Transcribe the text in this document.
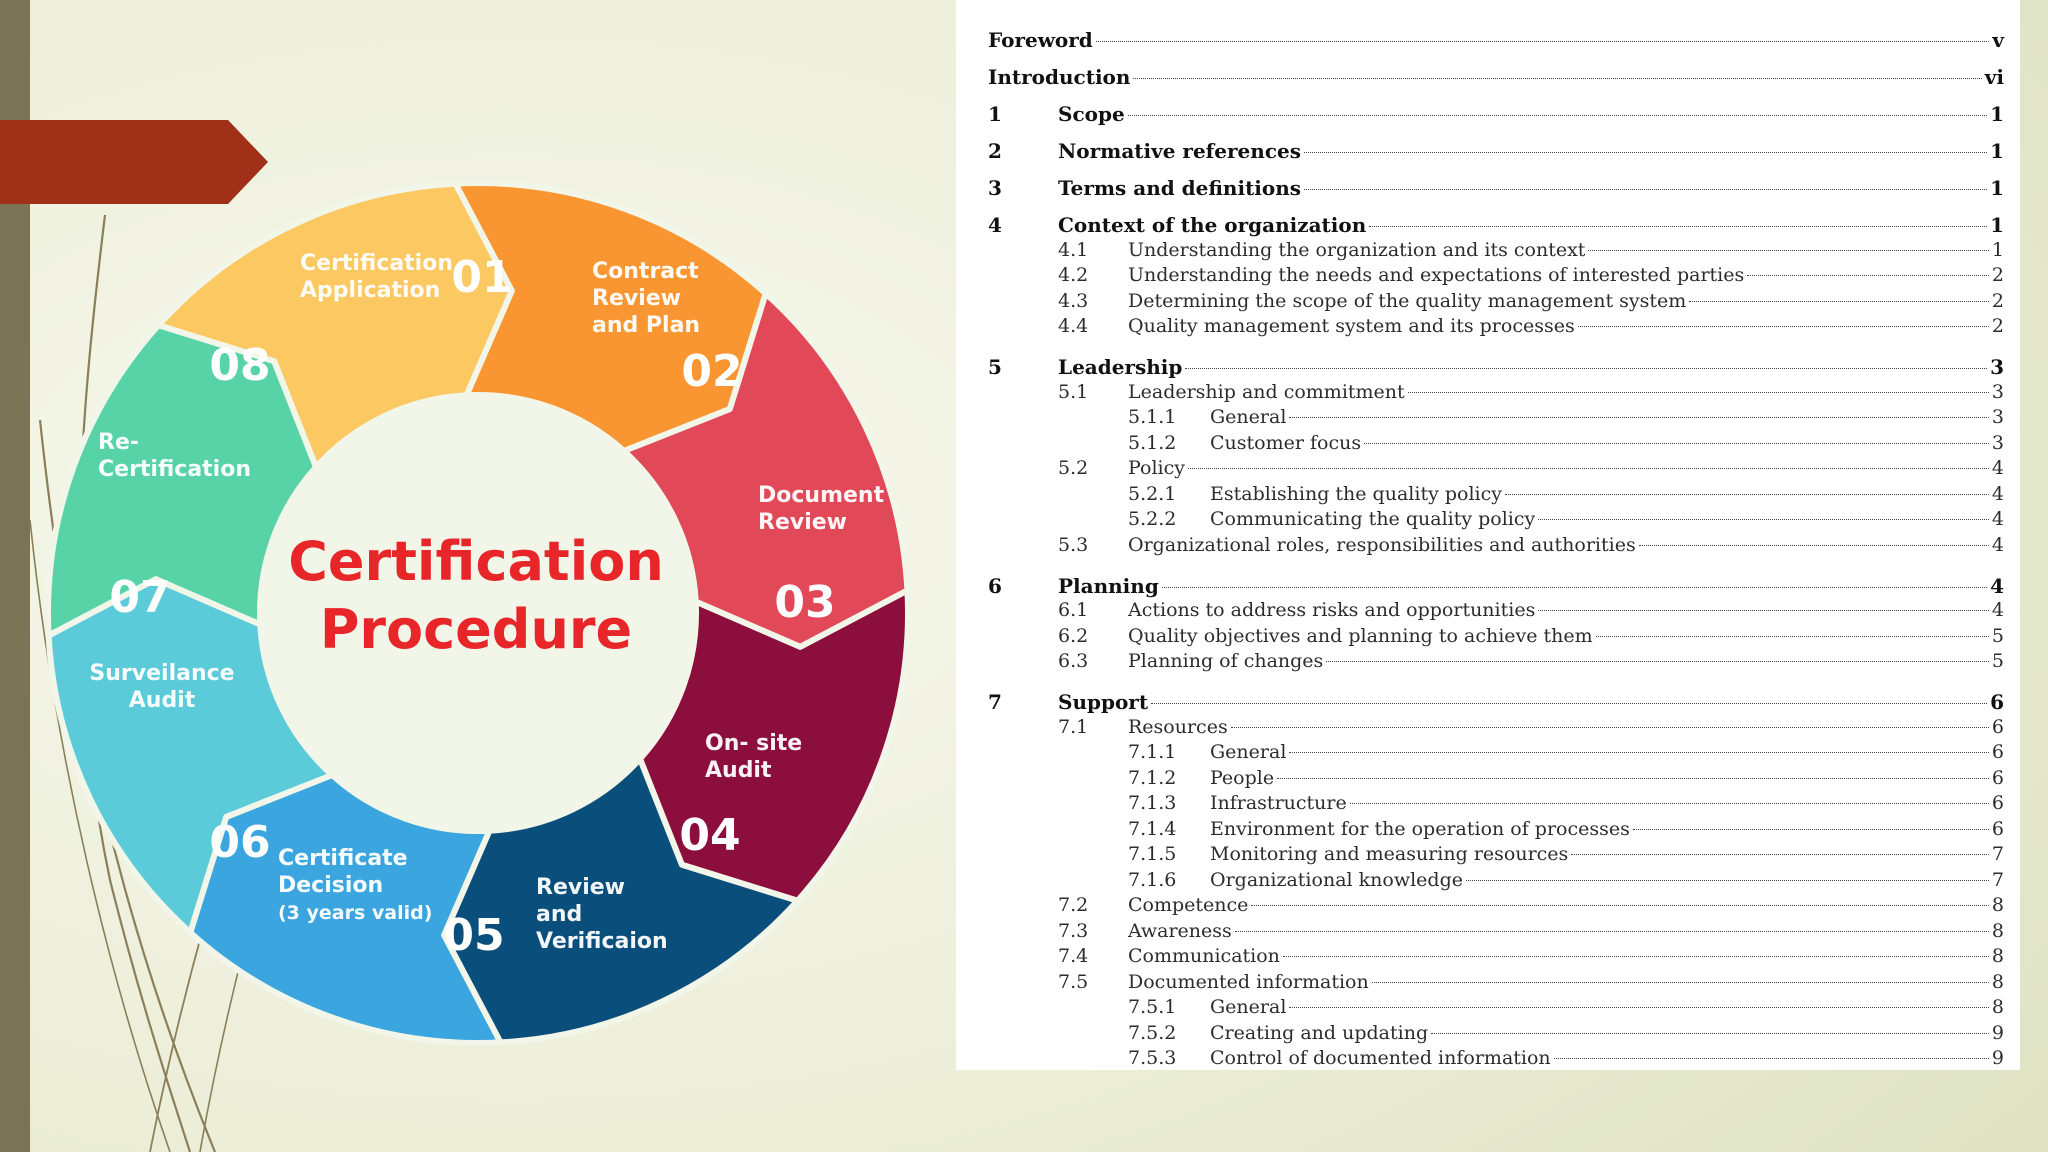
Certification
Procedure
01
Certification
Application
02
Contract
Review
and Plan
03
Document
Review
04
On- site
Audit
05
Review
and
Verificaion
06 Certificate
Decision
(3 years valid)
07
Surveilance
Audit
08
Re-
Certification
Foreword	v
Introduction	vi
1	Scope	1
2	Normative references	1
3	Terms and definitions	1
4	Context of the organization	1
4.1	Understanding the organization and its context	1
4.2	Understanding the needs and expectations of interested parties	2
4.3	Determining the scope of the quality management system	2
4.4	Quality management system and its processes	2
5	Leadership	3
5.1	Leadership and commitment	3
5.1.1	General	3
5.1.2	Customer focus	3
5.2	Policy	4
5.2.1	Establishing the quality policy	4
5.2.2	Communicating the quality policy	4
5.3	Organizational roles, responsibilities and authorities	4
6	Planning	4
6.1	Actions to address risks and opportunities	4
6.2	Quality objectives and planning to achieve them	5
6.3	Planning of changes	5
7	Support	6
7.1	Resources	6
7.1.1	General	6
7.1.2	People	6
7.1.3	Infrastructure	6
7.1.4	Environment for the operation of processes	6
7.1.5	Monitoring and measuring resources	7
7.1.6	Organizational knowledge	7
7.2	Competence	8
7.3	Awareness	8
7.4	Communication	8
7.5	Documented information	8
7.5.1	General	8
7.5.2	Creating and updating	9
7.5.3	Control of documented information	9
